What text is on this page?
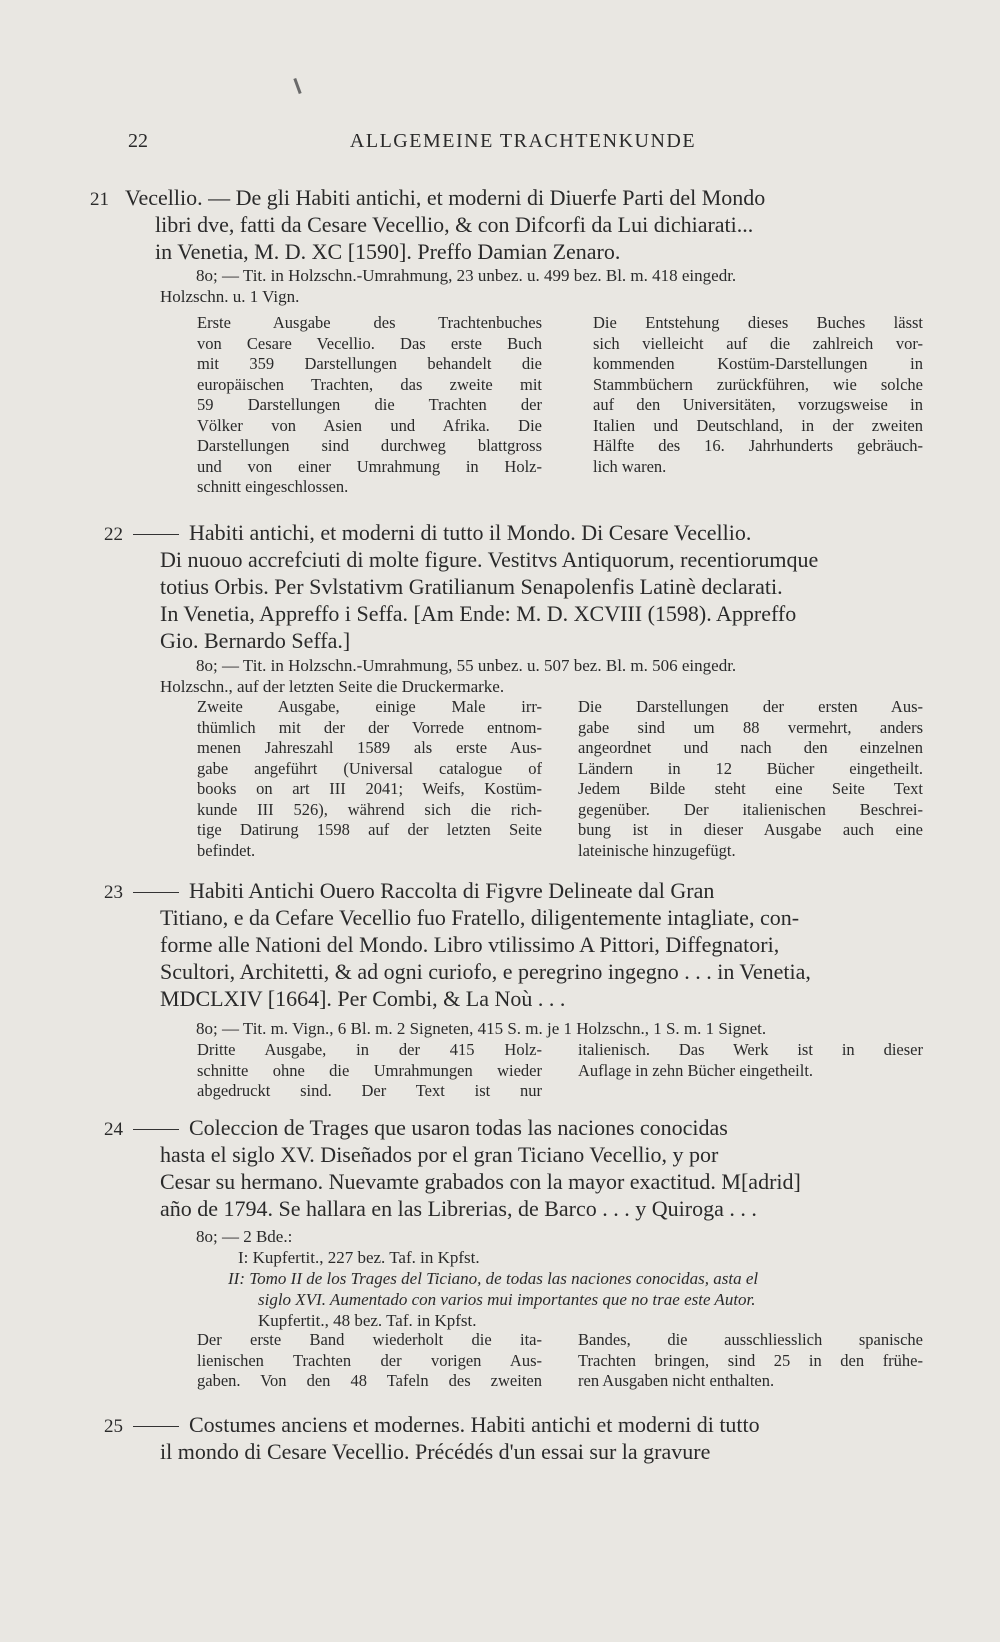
22	ALLGEMEINE TRACHTENKUNDE
21 Vecellio. — De gli Habiti antichi, et moderni di Diuerfe Parti del Mondo
libri dve, fatti da Cesare Vecellio, & con Difcorfi da Lui dichiarati...
in Venetia, M. D. XC [1590]. Preffo Damian Zenaro.
8o; — Tit. in Holzschn.-Umrahmung, 23 unbez. u. 499 bez. Bl. m. 418 eingedr.
Holzschn. u. 1 Vign.
Erste Ausgabe des Trachtenbuches
von Cesare Vecellio. Das erste Buch
mit 359 Darstellungen behandelt die
europäischen Trachten, das zweite mit
59 Darstellungen die Trachten der
Völker von Asien und Afrika. Die
Darstellungen sind durchweg blattgross
und von einer Umrahmung in Holz-
schnitt eingeschlossen.
Die Entstehung dieses Buches lässt
sich vielleicht auf die zahlreich vor-
kommenden Kostüm-Darstellungen in
Stammbüchern zurückführen, wie solche
auf den Universitäten, vorzugsweise in
Italien und Deutschland, in der zweiten
Hälfte des 16. Jahrhunderts gebräuch-
lich waren.
22	Habiti antichi, et moderni di tutto il Mondo. Di Cesare Vecellio.
Di nuouo accrefciuti di molte figure. Vestitvs Antiquorum, recentiorumque
totius Orbis. Per Svlstativm Gratilianum Senapolenfis Latinè declarati.
In Venetia, Appreffo i Seffa. [Am Ende: M. D. XCVIII (1598). Appreffo
Gio. Bernardo Seffa.]
8o; — Tit. in Holzschn.-Umrahmung, 55 unbez. u. 507 bez. Bl. m. 506 eingedr.
Holzschn., auf der letzten Seite die Druckermarke.
Zweite Ausgabe, einige Male irr-
thümlich mit der der Vorrede entnom-
menen Jahreszahl 1589 als erste Aus-
gabe angeführt (Universal catalogue of
books on art III 2041; Weifs, Kostüm-
kunde III 526), während sich die rich-
tige Datirung 1598 auf der letzten Seite
befindet.
Die Darstellungen der ersten Aus-
gabe sind um 88 vermehrt, anders
angeordnet und nach den einzelnen
Ländern in 12 Bücher eingetheilt.
Jedem Bilde steht eine Seite Text
gegenüber. Der italienischen Beschrei-
bung ist in dieser Ausgabe auch eine
lateinische hinzugefügt.
23	Habiti Antichi Ouero Raccolta di Figvre Delineate dal Gran
Titiano, e da Cefare Vecellio fuo Fratello, diligentemente intagliate, con-
forme alle Nationi del Mondo. Libro vtilissimo A Pittori, Diffegnatori,
Scultori, Architetti, & ad ogni curiofo, e peregrino ingegno . . . in Venetia,
MDCLXIV [1664]. Per Combi, & La Noù . . .
8o; — Tit. m. Vign., 6 Bl. m. 2 Signeten, 415 S. m. je 1 Holzschn., 1 S. m. 1 Signet.
Dritte Ausgabe, in der 415 Holz-
schnitte ohne die Umrahmungen wieder
abgedruckt sind. Der Text ist nur
italienisch. Das Werk ist in dieser
Auflage in zehn Bücher eingetheilt.
24	Coleccion de Trages que usaron todas las naciones conocidas
hasta el siglo XV. Diseñados por el gran Ticiano Vecellio, y por
Cesar su hermano. Nuevamte grabados con la mayor exactitud. M[adrid]
año de 1794. Se hallara en las Librerias, de Barco . . . y Quiroga . . .
8o; — 2 Bde.:
I: Kupfertit., 227 bez. Taf. in Kpfst.
II: Tomo II de los Trages del Ticiano, de todas las naciones conocidas, asta el
siglo XVI. Aumentado con varios mui importantes que no trae este Autor.
Kupfertit., 48 bez. Taf. in Kpfst.
Der erste Band wiederholt die ita-
lienischen Trachten der vorigen Aus-
gaben. Von den 48 Tafeln des zweiten
Bandes, die ausschliesslich spanische
Trachten bringen, sind 25 in den frühe-
ren Ausgaben nicht enthalten.
25	Costumes anciens et modernes. Habiti antichi et moderni di tutto
il mondo di Cesare Vecellio. Précédés d'un essai sur la gravure
